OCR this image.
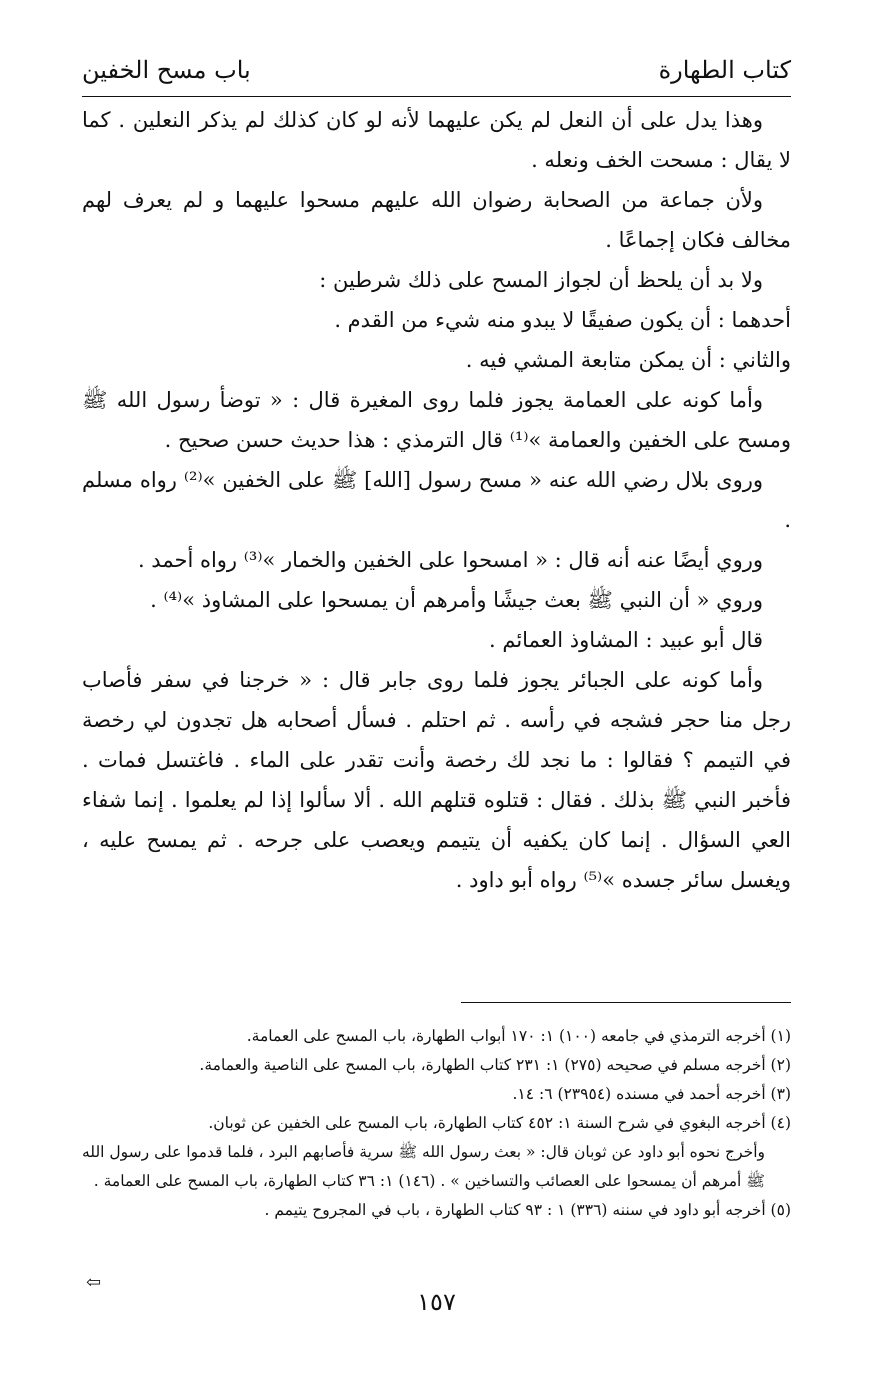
كتاب الطهارة
باب مسح الخفين

وهذا يدل على أن النعل لم يكن عليهما لأنه لو كان كذلك لم يذكر النعلين . كما لا يقال : مسحت الخف ونعله .

ولأن جماعة من الصحابة رضوان الله عليهم مسحوا عليهما و لم يعرف لهم مخالف فكان إجماعًا .

ولا بد أن يلحظ أن لجواز المسح على ذلك شرطين :

أحدهما : أن يكون صفيقًا لا يبدو منه شيء من القدم .

والثاني : أن يمكن متابعة المشي فيه .

وأما كونه على العمامة يجوز فلما روى المغيرة قال : « توضأ رسول الله ﷺ ومسح على الخفين والعمامة »⁽¹⁾ قال الترمذي : هذا حديث حسن صحيح .

وروى بلال رضي الله عنه « مسح رسول [الله] ﷺ على الخفين »⁽²⁾ رواه مسلم .

وروي أيضًا عنه أنه قال : « امسحوا على الخفين والخمار »⁽³⁾ رواه أحمد .

وروي « أن النبي ﷺ بعث جيشًا وأمرهم أن يمسحوا على المشاوذ »⁽⁴⁾ .

قال أبو عبيد : المشاوذ العمائم .

وأما كونه على الجبائر يجوز فلما روى جابر قال : « خرجنا في سفر فأصاب رجل منا حجر فشجه في رأسه . ثم احتلم . فسأل أصحابه هل تجدون لي رخصة في التيمم ؟ فقالوا : ما نجد لك رخصة وأنت تقدر على الماء . فاغتسل فمات . فأخبر النبي ﷺ بذلك . فقال : قتلوه قتلهم الله . ألا سألوا إذا لم يعلموا . إنما شفاء العي السؤال . إنما كان يكفيه أن يتيمم ويعصب على جرحه . ثم يمسح عليه ، ويغسل سائر جسده »⁽⁵⁾ رواه أبو داود .

(١) أخرجه الترمذي في جامعه (١٠٠) ١: ١٧٠ أبواب الطهارة، باب المسح على العمامة.

(٢) أخرجه مسلم في صحيحه (٢٧٥) ١: ٢٣١ كتاب الطهارة، باب المسح على الناصية والعمامة.

(٣) أخرجه أحمد في مسنده (٢٣٩٥٤) ٦: ١٤.

(٤) أخرجه البغوي في شرح السنة ١: ٤٥٢ كتاب الطهارة، باب المسح على الخفين عن ثوبان.

وأخرج نحوه أبو داود عن ثوبان قال: « بعث رسول الله ﷺ سرية فأصابهم البرد ، فلما قدموا على رسول الله ﷺ أمرهم أن يمسحوا على العصائب والتساخين » . (١٤٦) ١: ٣٦ كتاب الطهارة، باب المسح على العمامة .

(٥) أخرجه أبو داود في سننه (٣٣٦) ١ : ٩٣ كتاب الطهارة ، باب في المجروح يتيمم .

⇦
١٥٧
